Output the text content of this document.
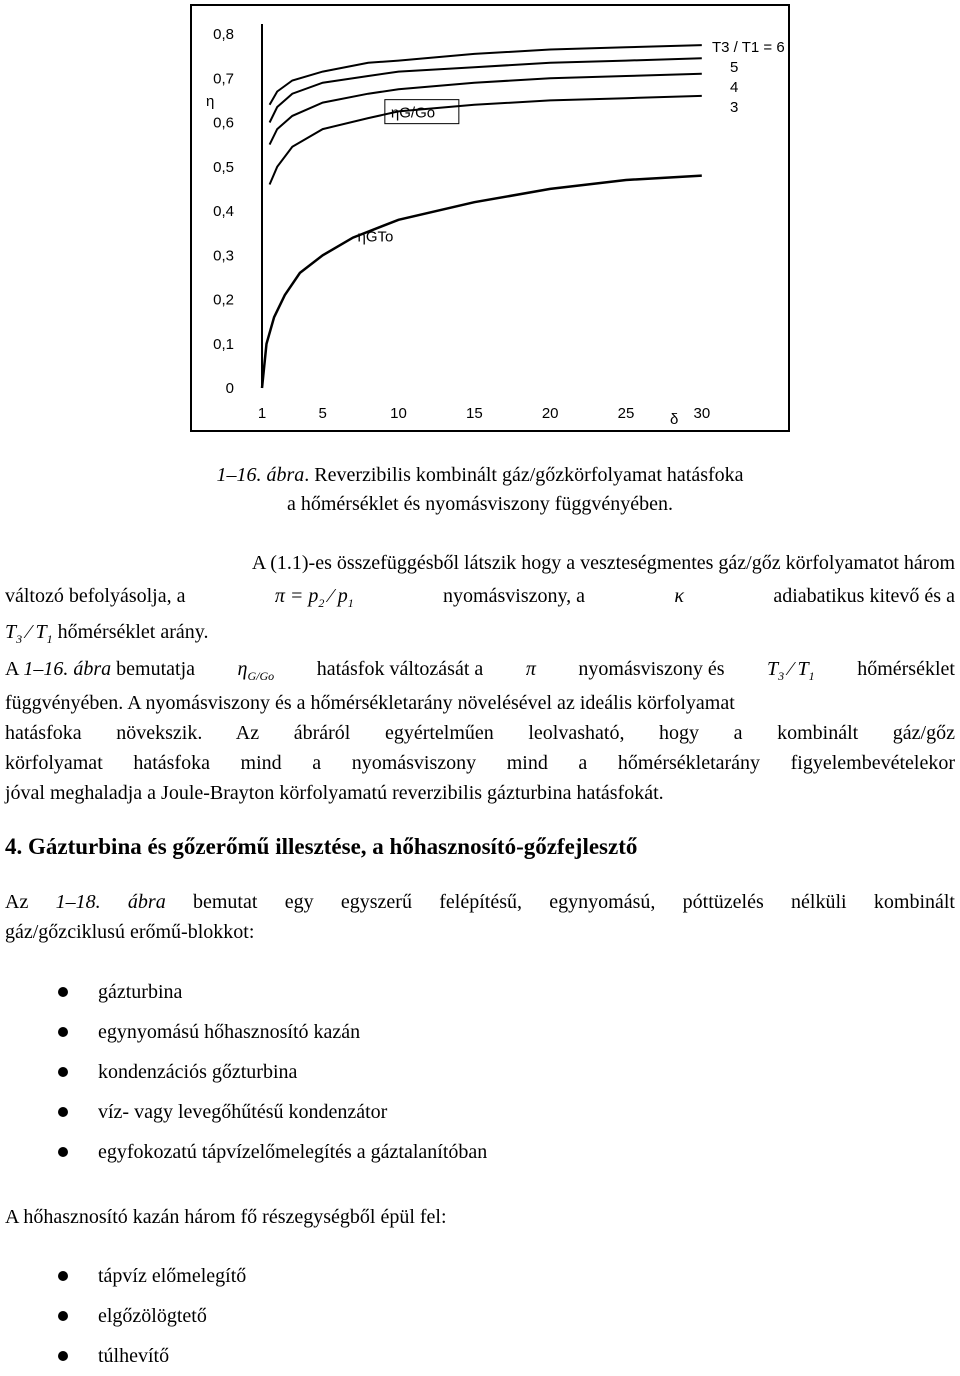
0
0,1
0,2
0,3
0,4
0,5
0,6
0,7
0,8
1	5	10	15	20	25	30
η
δ
T3 / T1 = 6
5
4
3
ηG/Go
ηGTo
1–16. ábra. Reverzibilis kombinált gáz/gőzkörfolyamat hatásfoka
a hőmérséklet és nyomásviszony függvényében.
A (1.1)-es összefüggésből látszik hogy a veszteségmentes gáz/gőz körfolyamatot három
változó befolyásolja, a	$\pi = p_2$ ⁄ $p_1$	nyomásviszony, a	κ	adiabatikus kitevő és a
$T_3$ ⁄ $T_1$ hőmérséklet arány.
A 1–16. ábra bemutatja $\eta_{G/Go}$ hatásfok változását a π nyomásviszony és $T_3$ ⁄ $T_1$ hőmérséklet
függvényében. A nyomásviszony és a hőmérsékletarány növelésével az ideális körfolyamat
hatásfoka növekszik. Az ábráról egyértelműen leolvasható, hogy a kombinált gáz/gőz
körfolyamat hatásfoka mind a nyomásviszony mind a hőmérsékletarány figyelembevételekor
jóval meghaladja a Joule-Brayton körfolyamatú reverzibilis gázturbina hatásfokát.
4. Gázturbina és gőzerőmű illesztése, a hőhasznosító-gőzfejlesztő
Az 1–18. ábra bemutat egy egyszerű felépítésű, egynyomású, póttüzelés nélküli kombinált
gáz/gőzciklusú erőmű-blokkot:
gázturbina
egynyomású hőhasznosító kazán
kondenzációs gőzturbina
víz- vagy levegőhűtésű kondenzátor
egyfokozatú tápvízelőmelegítés a gáztalanítóban
A hőhasznosító kazán három fő részegységből épül fel:
tápvíz előmelegítő
elgőzölögtető
túlhevítő
